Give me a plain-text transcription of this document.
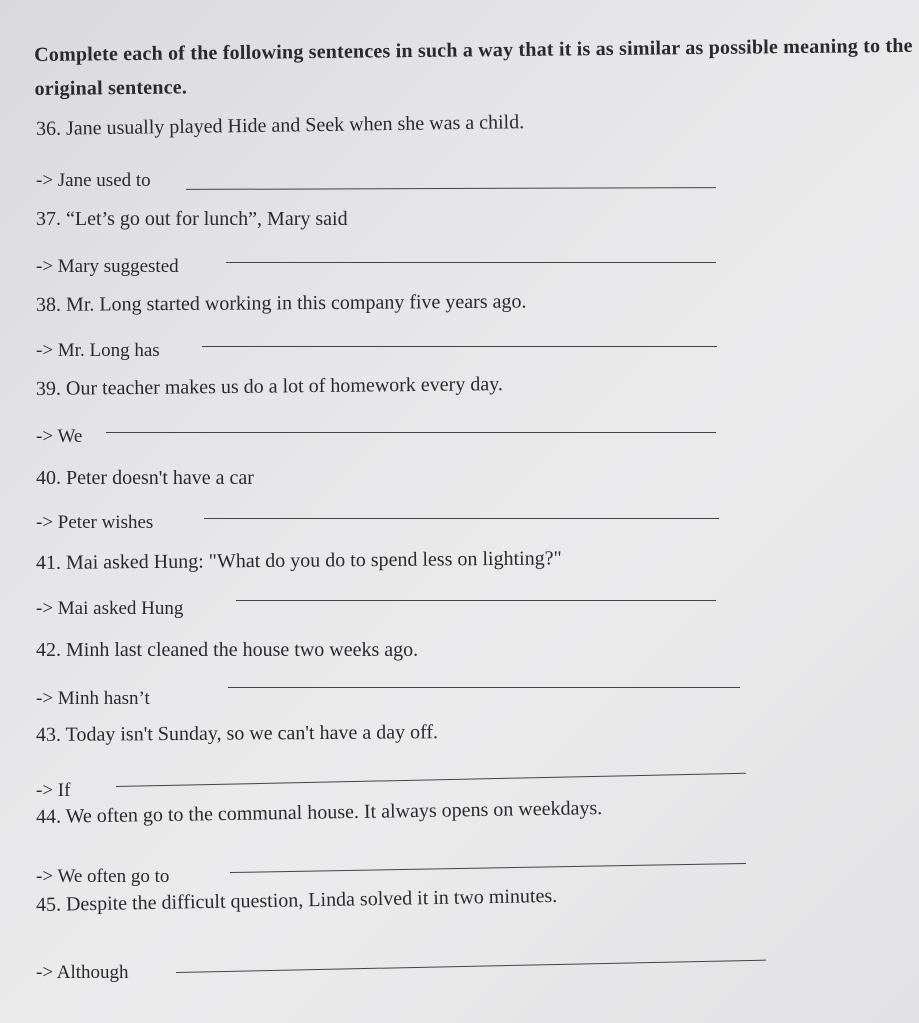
Complete each of the following sentences in such a way that it is as similar as possible meaning to the original sentence.
36. Jane usually played Hide and Seek when she was a child.
-> Jane used to
37. “Let’s go out for lunch”, Mary said
-> Mary suggested
38. Mr. Long started working in this company five years ago.
-> Mr. Long has
39. Our teacher makes us do a lot of homework every day.
-> We
40. Peter doesn't have a car
-> Peter wishes
41. Mai asked Hung: "What do you do to spend less on lighting?"
-> Mai asked Hung
42. Minh last cleaned the house two weeks ago.
-> Minh hasn’t
43. Today isn't Sunday, so we can't have a day off.
-> If
44. We often go to the communal house. It always opens on weekdays.
-> We often go to
45. Despite the difficult question, Linda solved it in two minutes.
-> Although
